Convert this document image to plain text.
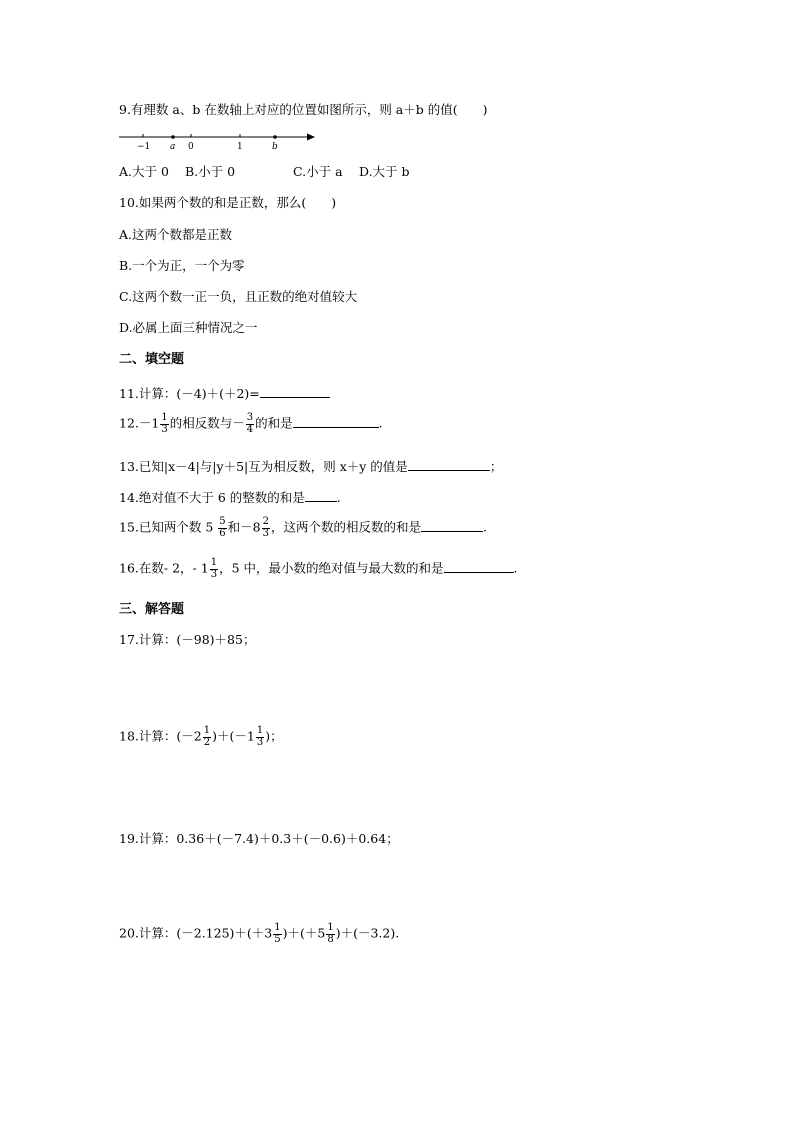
9.有理数 a、b 在数轴上对应的位置如图所示，则 a＋b 的值(　　)
−1 a 0	1	b
A.大于 0 B.小于 0	C.小于 a D.大于 b
10.如果两个数的和是正数，那么(　　)
A.这两个数都是正数
B.一个为正，一个为零
C.这两个数一正一负，且正数的绝对值较大
D.必属上面三种情况之一
二、填空题
11.计算：(－4)＋(＋2)=
$12.-1 \frac{1}{3}$ 的相反数与－ $\frac{3}{4}$ 的和是	.
13.已知|x－4|与|y＋5|互为相反数，则 x＋y 的值是	；
14.绝对值不大于 6 的整数的和是	.
15.已知两个数 $5 \frac{5}{6}$ 和$-8 \frac{2}{3}$ ，这两个数的相反数的和是	.
16.在数- 2，- $1 \frac{1}{3}$ ，5 中，最小数的绝对值与最大数的和是	.
三、解答题
17.计算：(－98)＋85；
18.计算：$(-2 \frac{1}{2} )+(-1 \frac{1}{3}$ )；
19.计算：0.36＋(－7.4)＋0.3＋(－0.6)＋0.64；
20.计算：$(-2.125)+(+3 \frac{1}{5} )+(+5 \frac{1}{8} )+(-3.2)$.
